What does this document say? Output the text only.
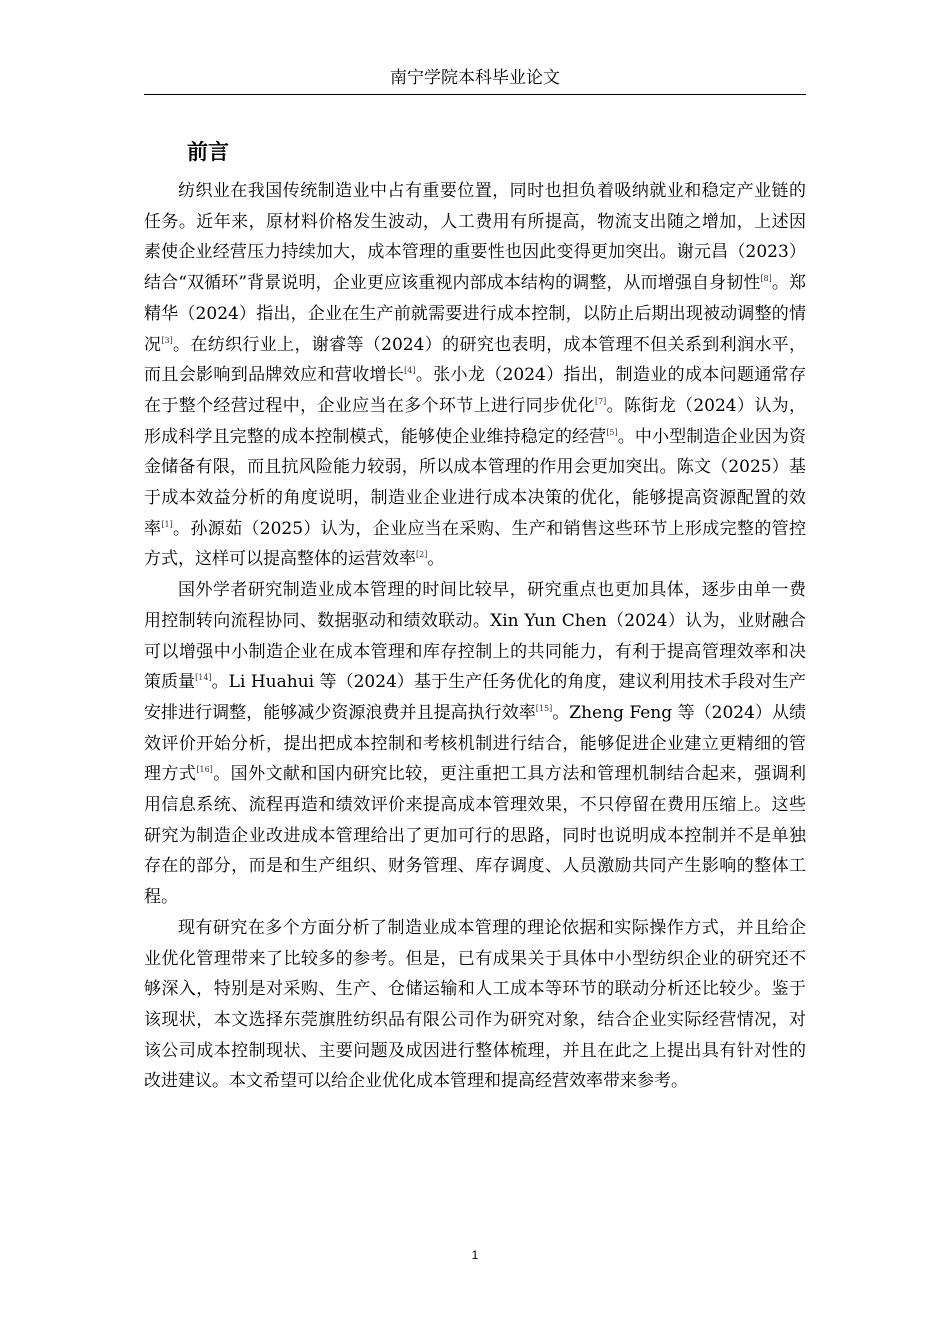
南宁学院本科毕业论文
前言

纺织业在我国传统制造业中占有重要位置，同时也担负着吸纳就业和稳定产业链的任务。近年来，原材料价格发生波动，人工费用有所提高，物流支出随之增加，上述因素使企业经营压力持续加大，成本管理的重要性也因此变得更加突出。谢元昌（2023）结合“双循环”背景说明，企业更应该重视内部成本结构的调整，从而增强自身韧性[8]。郑精华（2024）指出，企业在生产前就需要进行成本控制，以防止后期出现被动调整的情况[3]。在纺织行业上，谢睿等（2024）的研究也表明，成本管理不但关系到利润水平，而且会影响到品牌效应和营收增长[4]。张小龙（2024）指出，制造业的成本问题通常存在于整个经营过程中，企业应当在多个环节上进行同步优化[7]。陈街龙（2024）认为，形成科学且完整的成本控制模式，能够使企业维持稳定的经营[5]。中小型制造企业因为资金储备有限，而且抗风险能力较弱，所以成本管理的作用会更加突出。陈文（2025）基于成本效益分析的角度说明，制造业企业进行成本决策的优化，能够提高资源配置的效率[1]。孙源茹（2025）认为，企业应当在采购、生产和销售这些环节上形成完整的管控方式，这样可以提高整体的运营效率[2]。

国外学者研究制造业成本管理的时间比较早，研究重点也更加具体，逐步由单一费用控制转向流程协同、数据驱动和绩效联动。Xin Yun Chen（2024）认为，业财融合可以增强中小制造企业在成本管理和库存控制上的共同能力，有利于提高管理效率和决策质量[14]。Li Huahui 等（2024）基于生产任务优化的角度，建议利用技术手段对生产安排进行调整，能够减少资源浪费并且提高执行效率[15]。Zheng Feng 等（2024）从绩效评价开始分析，提出把成本控制和考核机制进行结合，能够促进企业建立更精细的管理方式[16]。国外文献和国内研究比较，更注重把工具方法和管理机制结合起来，强调利用信息系统、流程再造和绩效评价来提高成本管理效果，不只停留在费用压缩上。这些研究为制造企业改进成本管理给出了更加可行的思路，同时也说明成本控制并不是单独存在的部分，而是和生产组织、财务管理、库存调度、人员激励共同产生影响的整体工程。

现有研究在多个方面分析了制造业成本管理的理论依据和实际操作方式，并且给企业优化管理带来了比较多的参考。但是，已有成果关于具体中小型纺织企业的研究还不够深入，特别是对采购、生产、仓储运输和人工成本等环节的联动分析还比较少。鉴于该现状，本文选择东莞旗胜纺织品有限公司作为研究对象，结合企业实际经营情况，对该公司成本控制现状、主要问题及成因进行整体梳理，并且在此之上提出具有针对性的改进建议。本文希望可以给企业优化成本管理和提高经营效率带来参考。

1
